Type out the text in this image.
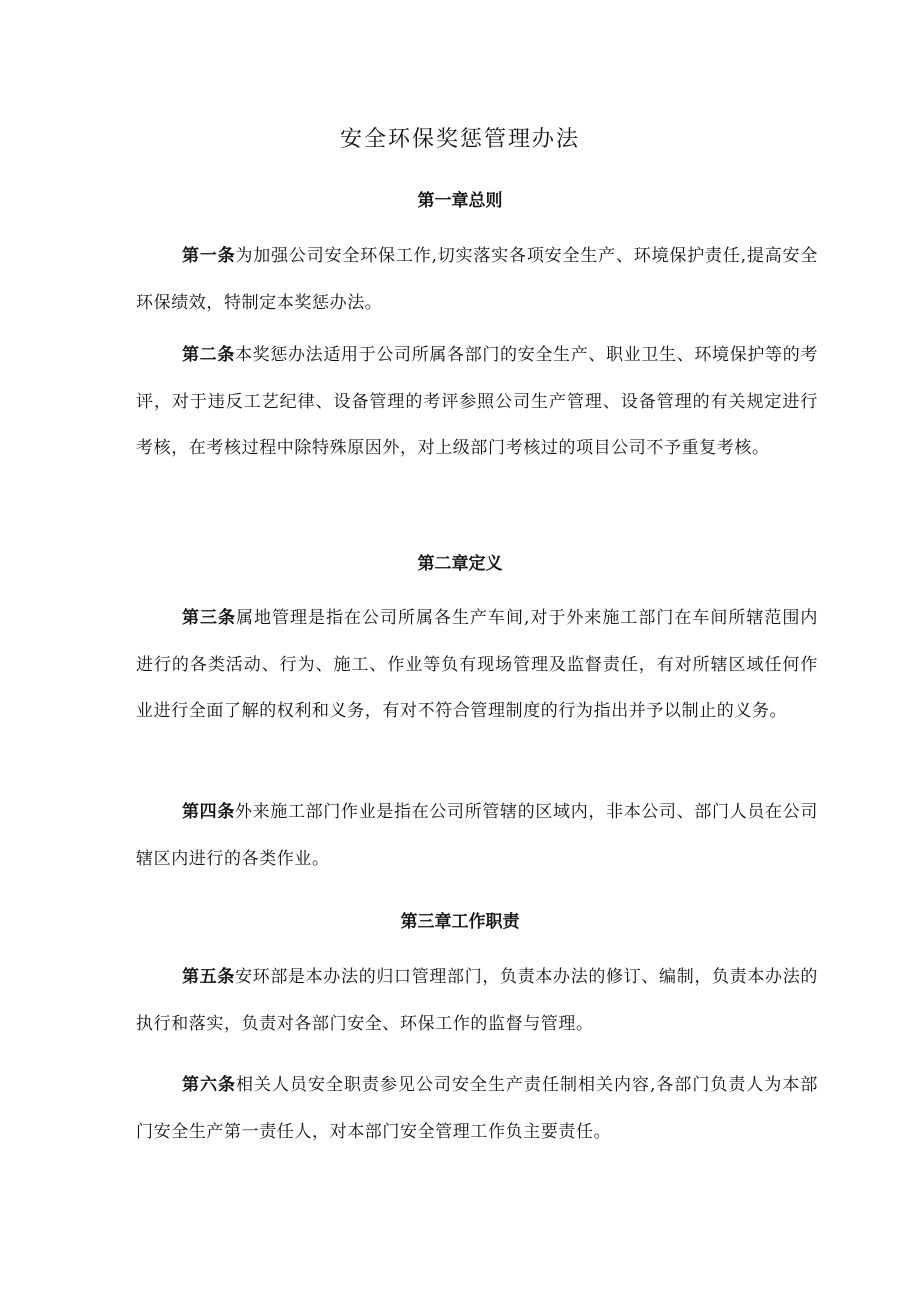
安全环保奖惩管理办法
第一章总则

第一条为加强公司安全环保工作,切实落实各项安全生产、环境保护责任,提高安全环保绩效，特制定本奖惩办法。

第二条本奖惩办法适用于公司所属各部门的安全生产、职业卫生、环境保护等的考评，对于违反工艺纪律、设备管理的考评参照公司生产管理、设备管理的有关规定进行考核，在考核过程中除特殊原因外，对上级部门考核过的项目公司不予重复考核。

第二章定义

第三条属地管理是指在公司所属各生产车间,对于外来施工部门在车间所辖范围内进行的各类活动、行为、施工、作业等负有现场管理及监督责任，有对所辖区域任何作业进行全面了解的权利和义务，有对不符合管理制度的行为指出并予以制止的义务。

第四条外来施工部门作业是指在公司所管辖的区域内，非本公司、部门人员在公司辖区内进行的各类作业。

第三章工作职责

第五条安环部是本办法的归口管理部门，负责本办法的修订、编制，负责本办法的执行和落实，负责对各部门安全、环保工作的监督与管理。

第六条相关人员安全职责参见公司安全生产责任制相关内容,各部门负责人为本部门安全生产第一责任人，对本部门安全管理工作负主要责任。
